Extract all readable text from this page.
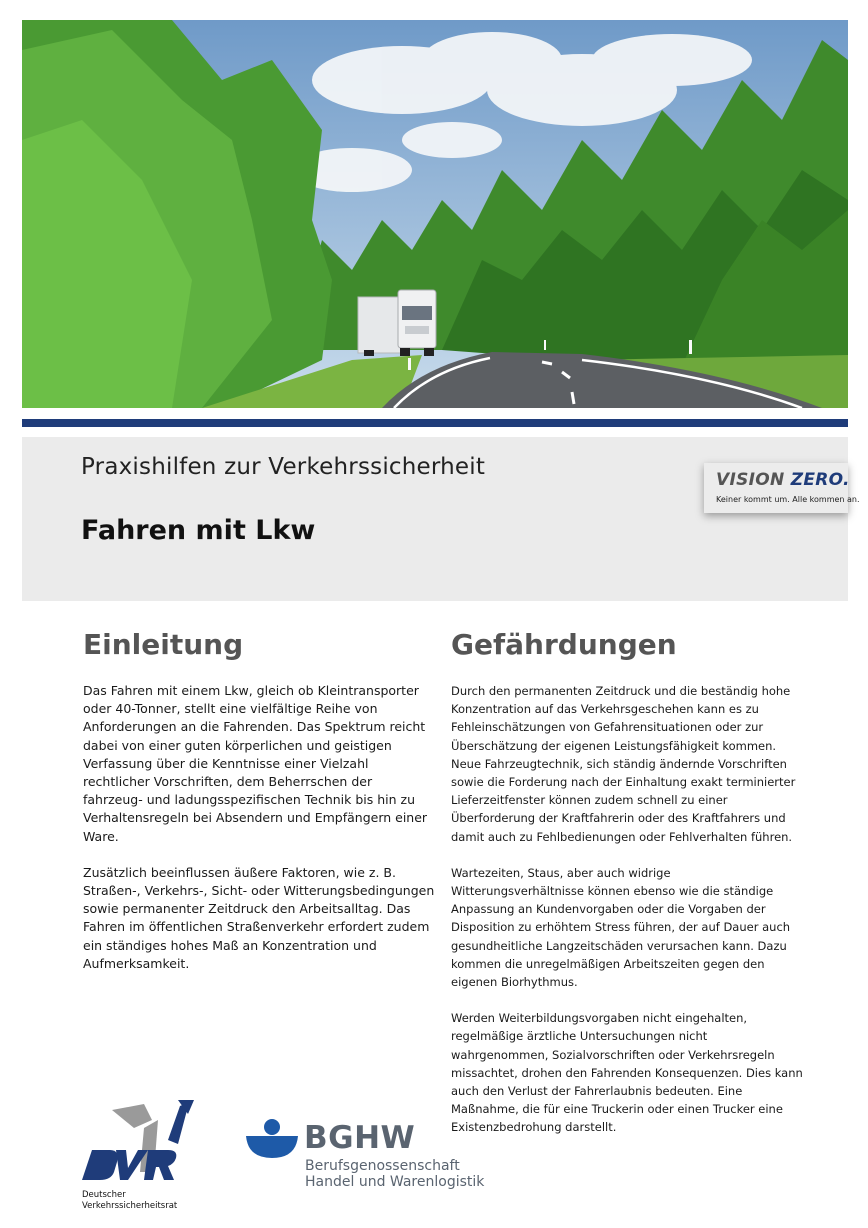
Praxishilfen zur Verkehrssicherheit
Fahren mit Lkw
VISION ZERO.
Keiner kommt um. Alle kommen an.
Einleitung

Das Fahren mit einem Lkw, gleich ob Kleintransporter oder 40-Tonner, stellt eine vielfältige Reihe von Anforderungen an die Fahrenden. Das Spektrum reicht dabei von einer guten körperlichen und geistigen Verfassung über die Kenntnisse einer Vielzahl rechtlicher Vorschriften, dem Beherrschen der fahrzeug- und ladungsspezifischen Technik bis hin zu Verhaltensregeln bei Absendern und Empfängern einer Ware.

Zusätzlich beeinflussen äußere Faktoren, wie z. B. Straßen-, Verkehrs-, Sicht- oder Witterungsbedingungen sowie permanenter Zeitdruck den Arbeitsalltag. Das Fahren im öffentlichen Straßenverkehr erfordert zudem ein ständiges hohes Maß an Konzentration und Aufmerksamkeit.

Gefährdungen

Durch den permanenten Zeitdruck und die beständig hohe Konzentration auf das Verkehrsgeschehen kann es zu Fehleinschätzungen von Gefahrensituationen oder zur Überschätzung der eigenen Leistungsfähigkeit kommen. Neue Fahrzeugtechnik, sich ständig ändernde Vorschriften sowie die Forderung nach der Einhaltung exakt terminierter Lieferzeitfenster können zudem schnell zu einer Überforderung der Kraftfahrerin oder des Kraftfahrers und damit auch zu Fehlbedienungen oder Fehlverhalten führen.

Wartezeiten, Staus, aber auch widrige Witterungsverhältnisse können ebenso wie die ständige Anpassung an Kundenvorgaben oder die Vorgaben der Disposition zu erhöhtem Stress führen, der auf Dauer auch gesundheitliche Langzeitschäden verursachen kann. Dazu kommen die unregelmäßigen Arbeitszeiten gegen den eigenen Biorhythmus.

Werden Weiterbildungsvorgaben nicht eingehalten, regelmäßige ärztliche Untersuchungen nicht wahrgenommen, Sozialvorschriften oder Verkehrsregeln missachtet, drohen den Fahrenden Konsequenzen. Dies kann auch den Verlust der Fahrerlaubnis bedeuten. Eine Maßnahme, die für eine Truckerin oder einen Trucker eine Existenzbedrohung darstellt.

Deutscher
Verkehrssicherheitsrat
BGHW
Berufsgenossenschaft
Handel und Warenlogistik
